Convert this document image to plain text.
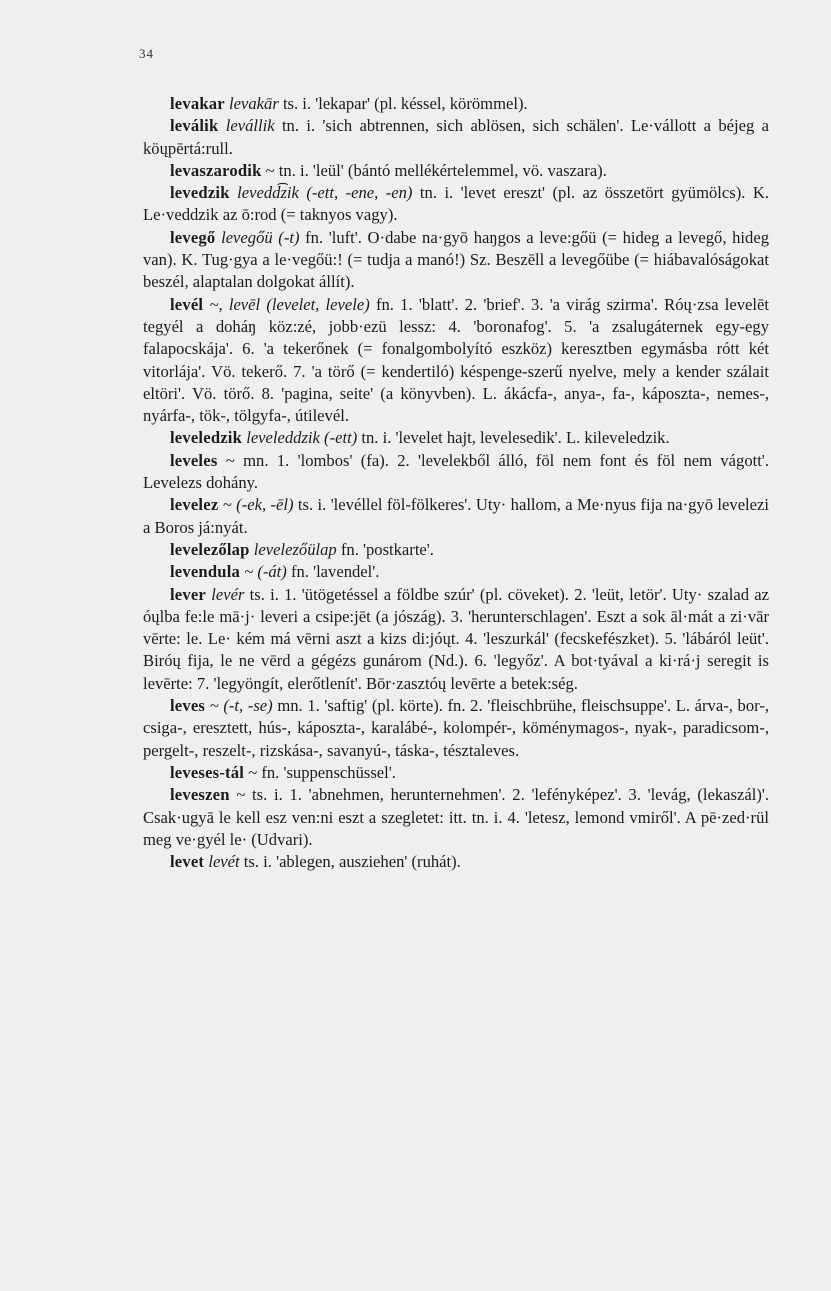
34

levakar levakār ts. i. 'lekapar' (pl. késsel, körömmel).

leválik levállik tn. i. 'sich abtrennen, sich ablösen, sich schälen'. Le·vállott a béjeg a köųpērtá:rull.

levaszarodik ~ tn. i. 'leül' (bántó mellékértelemmel, vö. vaszara).

levedzik levedd͡zik (-ett, -ene, -en) tn. i. 'levet ereszt' (pl. az összetört gyümölcs). K. Le·veddzik az ō:rod (= taknyos vagy).

levegő levegőü (-t) fn. 'luft'. O·dabe na·gyō haŋgos a leve:gőü (= hideg a levegő, hideg van). K. Tug·gya a le·vegőü:! (= tudja a manó!) Sz. Beszēll a levegőübe (= hiábavalóságokat beszél, alaptalan dolgokat állít).

levél ~, levēl (levelet, levele) fn. 1. 'blatt'. 2. 'brief'. 3. 'a virág szirma'. Róų·zsa levelēt tegyél a doháŋ köz:zé, jobb·ezü lessz: 4. 'boronafog'. 5. 'a zsalugáternek egy-egy falapocskája'. 6. 'a tekerőnek (= fonalgombolyító eszköz) keresztben egymásba rótt két vitorlája'. Vö. tekerő. 7. 'a törő (= kendertiló) késpenge-szerű nyelve, mely a kender szálait eltöri'. Vö. törő. 8. 'pagina, seite' (a könyvben). L. ákácfa-, anya-, fa-, káposzta-, nemes-, nyárfa-, tök-, tölgyfa-, útilevél.

leveledzik leveleddzik (-ett) tn. i. 'levelet hajt, levelesedik'. L. kileveledzik.

leveles ~ mn. 1. 'lombos' (fa). 2. 'levelekből álló, föl nem font és föl nem vágott'. Levelezs dohány.

levelez ~ (-ek, -ēl) ts. i. 'levéllel föl-fölkeres'. Uty· hallom, a Me·nyus fija na·gyō levelezi a Boros já:nyát.

levelezőlap levelezőülap fn. 'postkarte'.

levendula ~ (-át) fn. 'lavendel'.

lever levér ts. i. 1. 'ütögetéssel a földbe szúr' (pl. cöveket). 2. 'leüt, letör'. Uty· szalad az óųlba fe:le mā·j· leveri a csipe:jēt (a jószág). 3. 'herunterschlagen'. Eszt a sok āl·mát a zi·vār vērte: le. Le· kém má vērni aszt a kizs di:jóųt. 4. 'leszurkál' (fecskefészket). 5. 'lábáról leüt'. Biróų fija, le ne vērd a gégézs gunárom (Nd.). 6. 'legyőz'. A bot·tyával a ki·rá·j seregit is levērte: 7. 'legyöngít, elerőtlenít'. Bōr·zasztóų levērte a betek:ség.

leves ~ (-t, -se) mn. 1. 'saftig' (pl. körte). fn. 2. 'fleischbrühe, fleischsuppe'. L. árva-, bor-, csiga-, eresztett, hús-, káposzta-, karalábé-, kolompér-, köménymagos-, nyak-, paradicsom-, pergelt-, reszelt-, rizskása-, savanyú-, táska-, tésztaleves.

leveses-tál ~ fn. 'suppenschüssel'.

leveszen ~ ts. i. 1. 'abnehmen, herunternehmen'. 2. 'lefényképez'. 3. 'levág, (lekaszál)'. Csak·ugyā le kell esz ven:ni eszt a szegletet: itt. tn. i. 4. 'letesz, lemond vmiről'. A pē·zed·rül meg ve·gyél le· (Udvari).

levet levét ts. i. 'ablegen, ausziehen' (ruhát).
